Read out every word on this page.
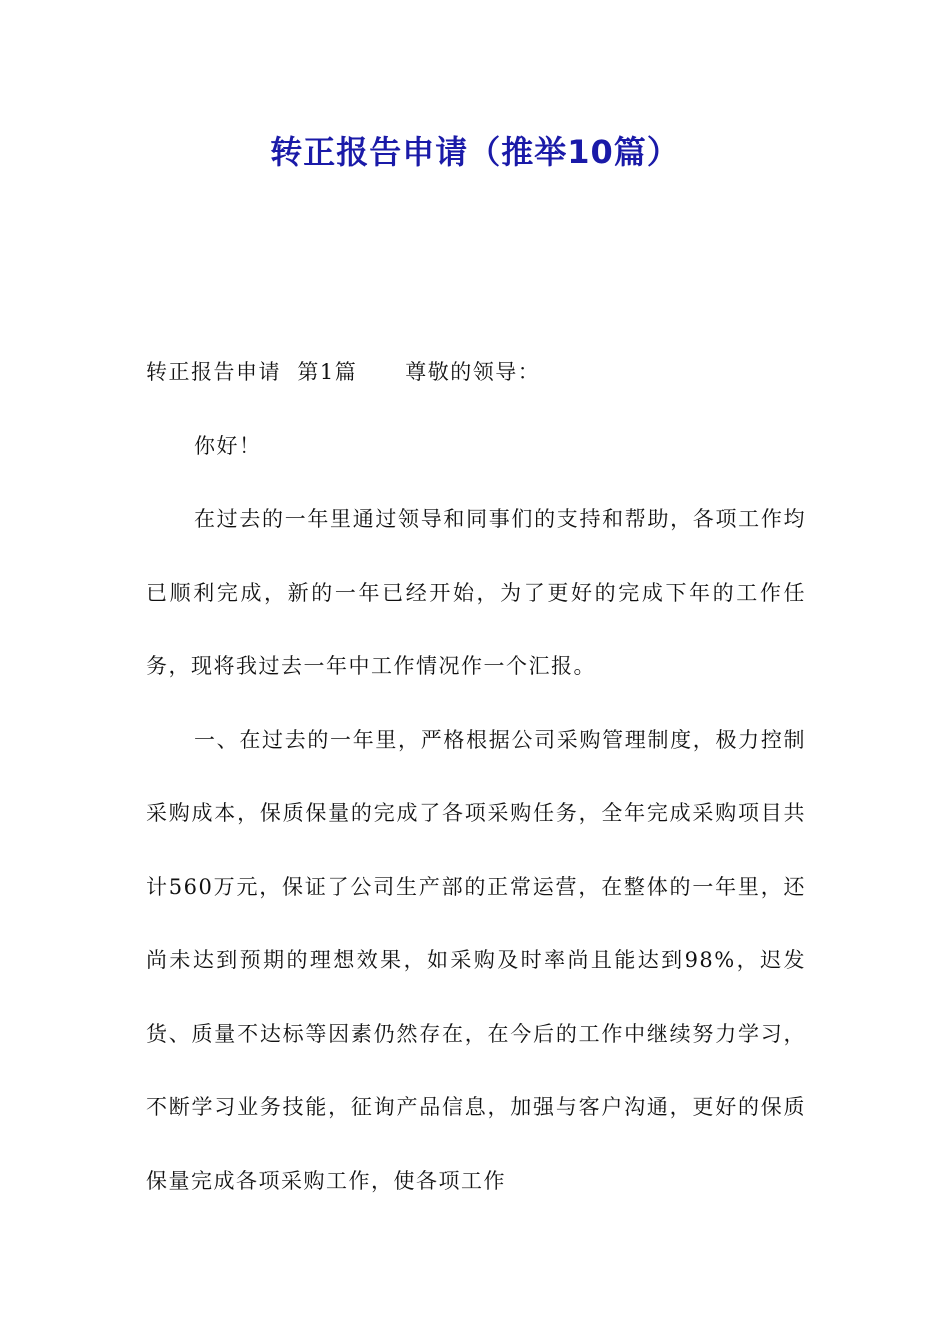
转正报告申请（推举10篇）

转正报告申请  第1篇 尊敬的领导：

你好！

在过去的一年里通过领导和同事们的支持和帮助，各项工作均已顺利完成，新的一年已经开始，为了更好的完成下年的工作任务，现将我过去一年中工作情况作一个汇报。

一、在过去的一年里，严格根据公司采购管理制度，极力控制采购成本，保质保量的完成了各项采购任务，全年完成采购项目共计560万元，保证了公司生产部的正常运营，在整体的一年里，还尚未达到预期的理想效果，如采购及时率尚且能达到98%，迟发货、质量不达标等因素仍然存在，在今后的工作中继续努力学习，不断学习业务技能，征询产品信息，加强与客户沟通，更好的保质保量完成各项采购工作，使各项工作
